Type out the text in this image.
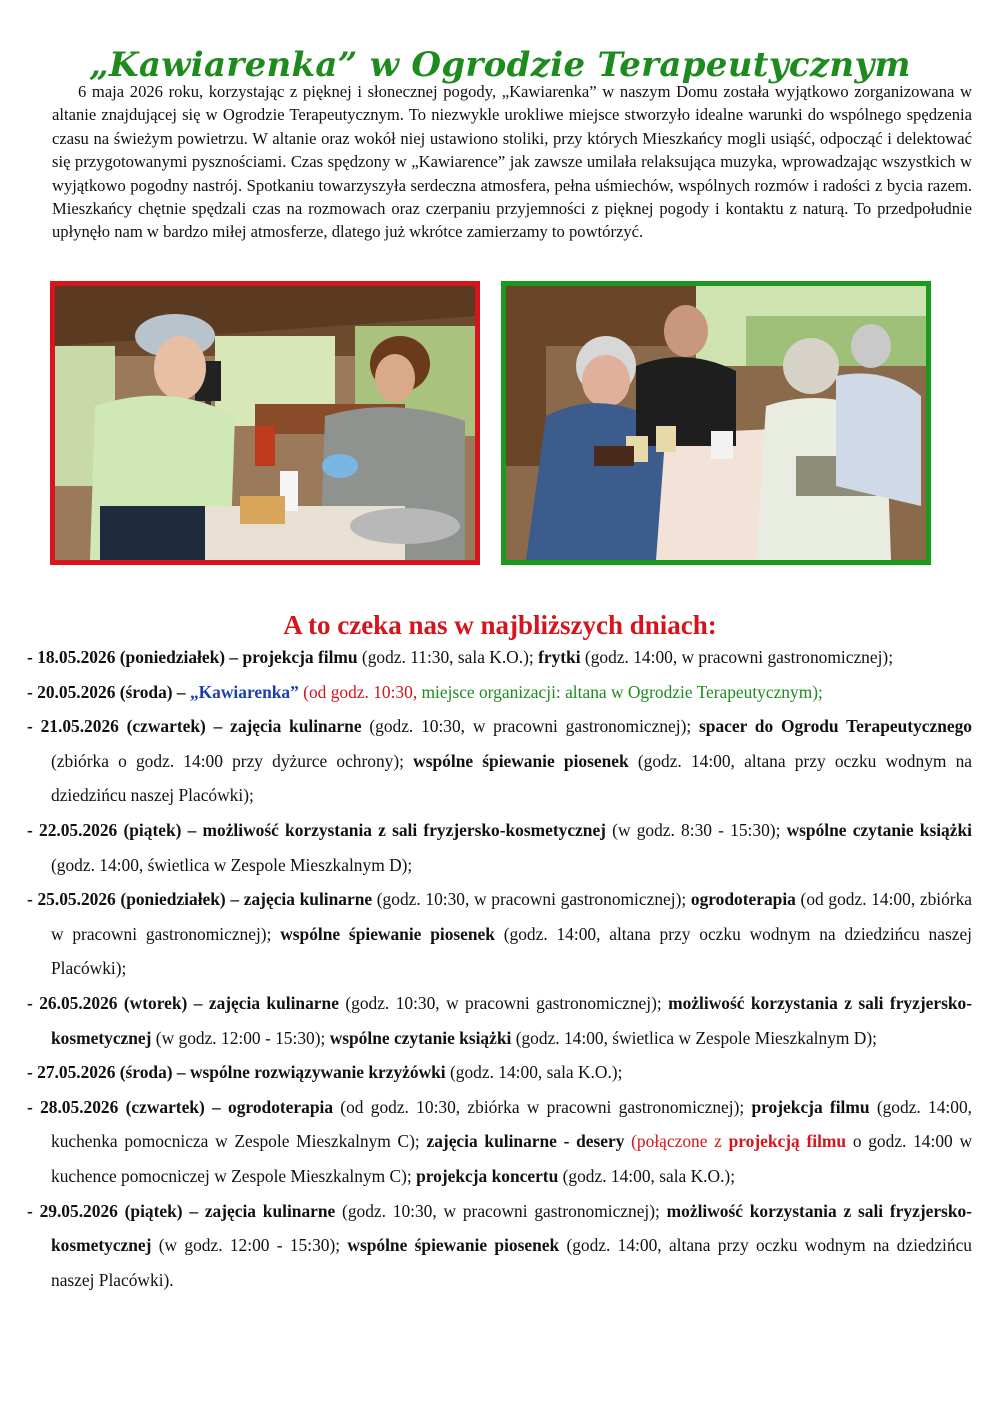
„Kawiarenka” w Ogrodzie Terapeutycznym

6 maja 2026 roku, korzystając z pięknej i słonecznej pogody, „Kawiarenka” w naszym Domu została wyjątkowo zorganizowana w altanie znajdującej się w Ogrodzie Terapeutycznym. To niezwykle urokliwe miejsce stworzyło idealne warunki do wspólnego spędzenia czasu na świeżym powietrzu. W altanie oraz wokół niej ustawiono stoliki, przy których Mieszkańcy mogli usiąść, odpocząć i delektować się przygotowanymi pysznościami. Czas spędzony w „Kawiarence” jak zawsze umilała relaksująca muzyka, wprowadzając wszystkich w wyjątkowo pogodny nastrój. Spotkaniu towarzyszyła serdeczna atmosfera, pełna uśmiechów, wspólnych rozmów i radości z bycia razem. Mieszkańcy chętnie spędzali czas na rozmowach oraz czerpaniu przyjemności z pięknej pogody i kontaktu z naturą. To przedpołudnie upłynęło nam w bardzo miłej atmosferze, dlatego już wkrótce zamierzamy to powtórzyć.

A to czeka nas w najbliższych dniach:
- 18.05.2026 (poniedziałek) – projekcja filmu (godz. 11:30, sala K.O.); frytki (godz. 14:00, w pracowni gastronomicznej);
- 20.05.2026 (środa) – „Kawiarenka” (od godz. 10:30, miejsce organizacji: altana w Ogrodzie Terapeutycznym);
- 21.05.2026 (czwartek) – zajęcia kulinarne (godz. 10:30, w pracowni gastronomicznej); spacer do Ogrodu Terapeutycznego (zbiórka o godz. 14:00 przy dyżurce ochrony); wspólne śpiewanie piosenek (godz. 14:00, altana przy oczku wodnym na dziedzińcu naszej Placówki);
- 22.05.2026 (piątek) – możliwość korzystania z sali fryzjersko-kosmetycznej (w godz. 8:30 - 15:30); wspólne czytanie książki (godz. 14:00, świetlica w Zespole Mieszkalnym D);
- 25.05.2026 (poniedziałek) – zajęcia kulinarne (godz. 10:30, w pracowni gastronomicznej); ogrodoterapia (od godz. 14:00, zbiórka w pracowni gastronomicznej); wspólne śpiewanie piosenek (godz. 14:00, altana przy oczku wodnym na dziedzińcu naszej Placówki);
- 26.05.2026 (wtorek) – zajęcia kulinarne (godz. 10:30, w pracowni gastronomicznej); możliwość korzystania z sali fryzjersko-kosmetycznej (w godz. 12:00 - 15:30); wspólne czytanie książki (godz. 14:00, świetlica w Zespole Mieszkalnym D);
- 27.05.2026 (środa) – wspólne rozwiązywanie krzyżówki (godz. 14:00, sala K.O.);
- 28.05.2026 (czwartek) – ogrodoterapia (od godz. 10:30, zbiórka w pracowni gastronomicznej); projekcja filmu (godz. 14:00, kuchenka pomocnicza w Zespole Mieszkalnym C); zajęcia kulinarne - desery (połączone z projekcją filmu o godz. 14:00 w kuchence pomocniczej w Zespole Mieszkalnym C); projekcja koncertu (godz. 14:00, sala K.O.);
- 29.05.2026 (piątek) – zajęcia kulinarne (godz. 10:30, w pracowni gastronomicznej); możliwość korzystania z sali fryzjersko-kosmetycznej (w godz. 12:00 - 15:30); wspólne śpiewanie piosenek (godz. 14:00, altana przy oczku wodnym na dziedzińcu naszej Placówki).
